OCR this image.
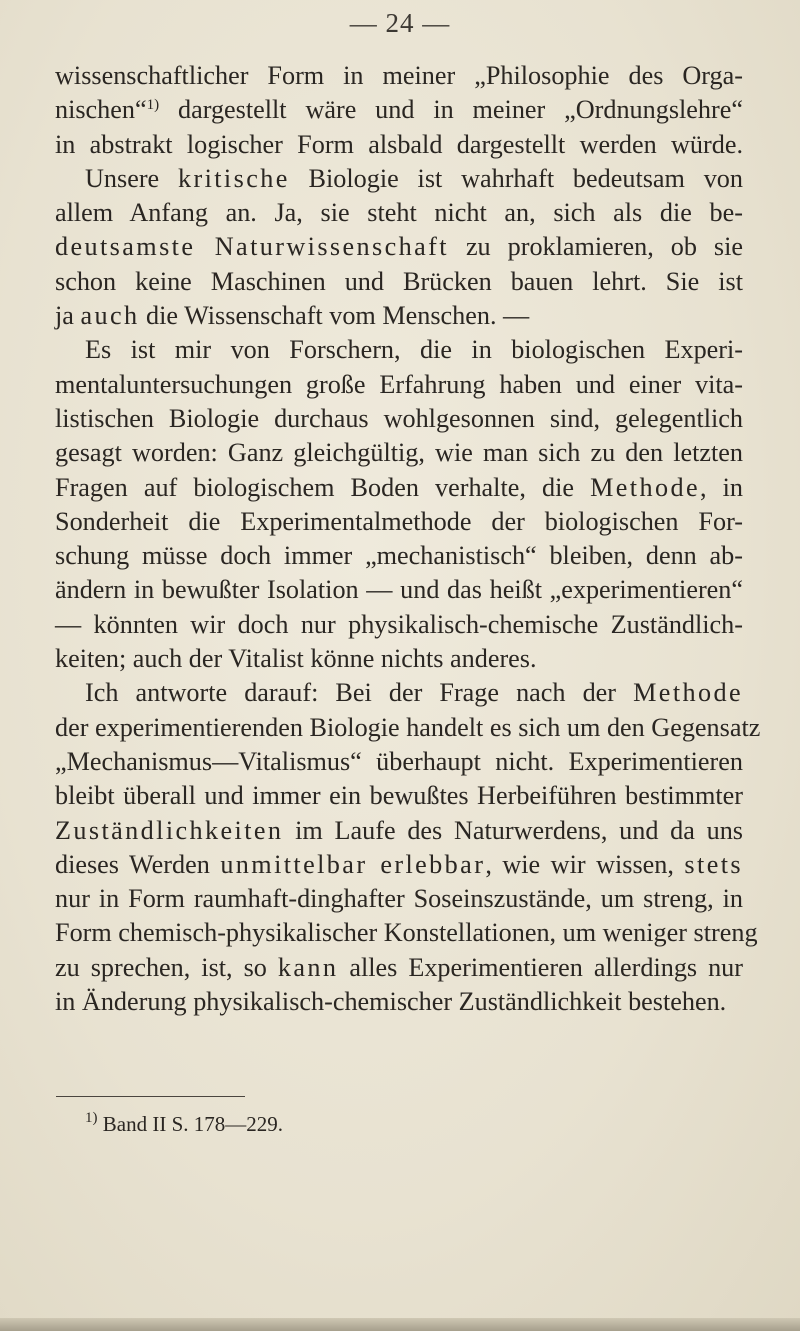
— 24 —
wissenschaftlicher Form in meiner „Philosophie des Orga-
nischen“$^{1)}$ dargestellt wäre und in meiner „Ordnungslehre“
in abstrakt logischer Form alsbald dargestellt werden würde.
Unsere kritische Biologie ist wahrhaft bedeutsam von
allem Anfang an. Ja, sie steht nicht an, sich als die be-
deutsamste Naturwissenschaft zu proklamieren, ob sie
schon keine Maschinen und Brücken bauen lehrt. Sie ist
ja auch die Wissenschaft vom Menschen. —
Es ist mir von Forschern, die in biologischen Experi-
mentaluntersuchungen große Erfahrung haben und einer vita-
listischen Biologie durchaus wohlgesonnen sind, gelegentlich
gesagt worden: Ganz gleichgültig, wie man sich zu den letzten
Fragen auf biologischem Boden verhalte, die Methode, in
Sonderheit die Experimentalmethode der biologischen For-
schung müsse doch immer „mechanistisch“ bleiben, denn ab-
ändern in bewußter Isolation — und das heißt „experimentieren“
— könnten wir doch nur physikalisch-chemische Zuständlich-
keiten; auch der Vitalist könne nichts anderes.
Ich antworte darauf: Bei der Frage nach der Methode
der experimentierenden Biologie handelt es sich um den Gegensatz
„Mechanismus—Vitalismus“ überhaupt nicht. Experimentieren
bleibt überall und immer ein bewußtes Herbeiführen bestimmter
Zuständlichkeiten im Laufe des Naturwerdens, und da uns
dieses Werden unmittelbar erlebbar, wie wir wissen, stets
nur in Form raumhaft-dinghafter Soseinszustände, um streng, in
Form chemisch-physikalischer Konstellationen, um weniger streng
zu sprechen, ist, so kann alles Experimentieren allerdings nur
in Änderung physikalisch-chemischer Zuständlichkeit bestehen.
$^{1)}$ Band II S. 178—229.
